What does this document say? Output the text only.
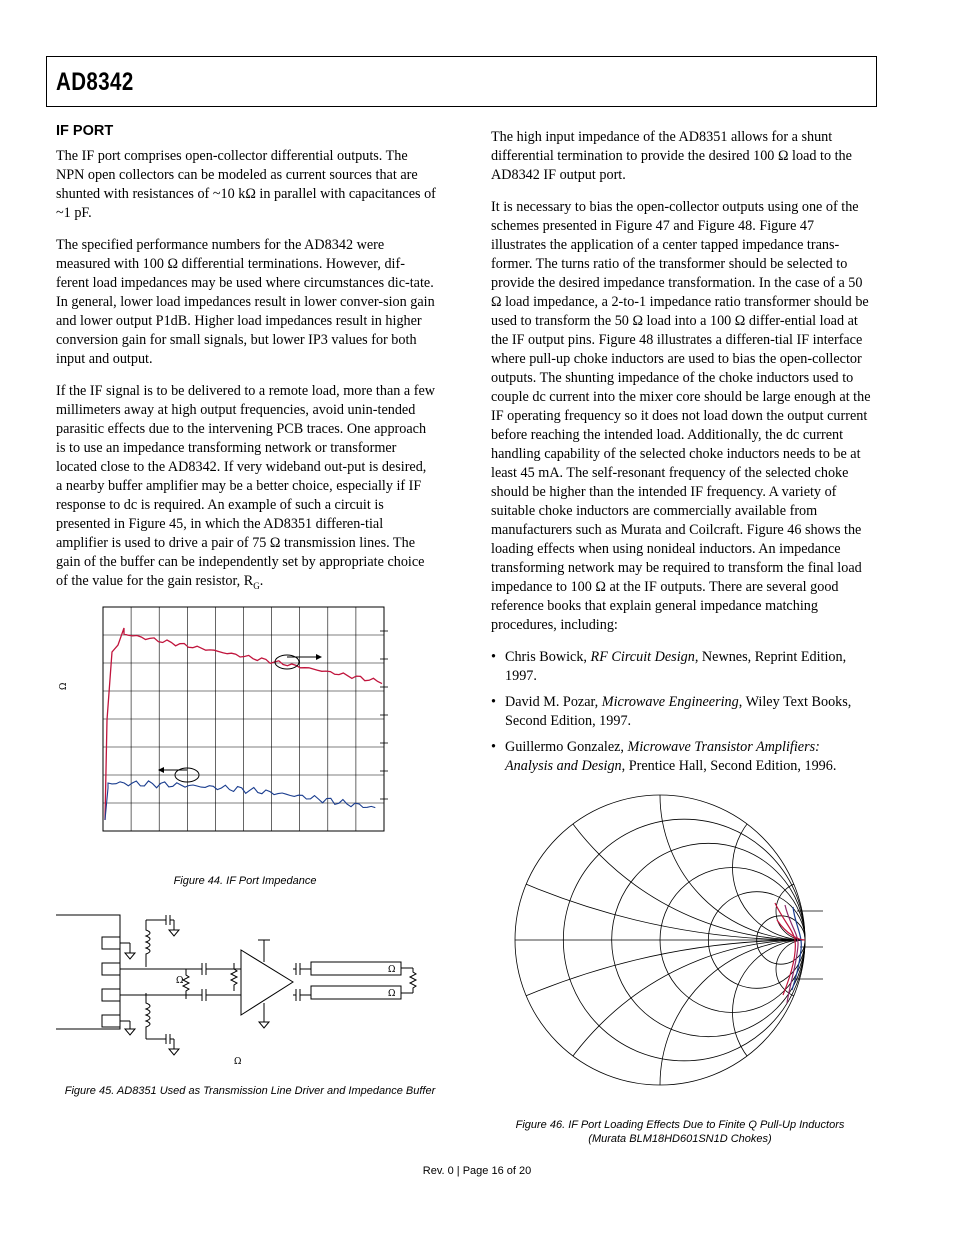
AD8342
IF PORT

The IF port comprises open-collector differential outputs. The NPN open collectors can be modeled as current sources that are shunted with resistances of ~10 kΩ in parallel with capacitances of ~1 pF.

The specified performance numbers for the AD8342 were measured with 100 Ω differential terminations. However, dif-ferent load impedances may be used where circumstances dic-tate. In general, lower load impedances result in lower conver-sion gain and lower output P1dB. Higher load impedances result in higher conversion gain for small signals, but lower IP3 values for both input and output.

If the IF signal is to be delivered to a remote load, more than a few millimeters away at high output frequencies, avoid unin-tended parasitic effects due to the intervening PCB traces. One approach is to use an impedance transforming network or transformer located close to the AD8342. If very wideband out-put is desired, a nearby buffer amplifier may be a better choice, especially if IF response to dc is required. An example of such a circuit is presented in Figure 45, in which the AD8351 differen-tial amplifier is used to drive a pair of 75 Ω transmission lines. The gain of the buffer can be independently set by appropriate choice of the value for the gain resistor, $R_G$.

The high input impedance of the AD8351 allows for a shunt differential termination to provide the desired 100 Ω load to the AD8342 IF output port.

It is necessary to bias the open-collector outputs using one of the schemes presented in Figure 47 and Figure 48. Figure 47 illustrates the application of a center tapped impedance trans-former. The turns ratio of the transformer should be selected to provide the desired impedance transformation. In the case of a 50 Ω load impedance, a 2-to-1 impedance ratio transformer should be used to transform the 50 Ω load into a 100 Ω differ-ential load at the IF output pins. Figure 48 illustrates a differen-tial IF interface where pull-up choke inductors are used to bias the open-collector outputs. The shunting impedance of the choke inductors used to couple dc current into the mixer core should be large enough at the IF operating frequency so it does not load down the output current before reaching the intended load. Additionally, the dc current handling capability of the selected choke inductors needs to be at least 45 mA. The self-resonant frequency of the selected choke should be higher than the intended IF frequency. A variety of suitable choke inductors are commercially available from manufacturers such as Murata and Coilcraft. Figure 46 shows the loading effects when using nonideal inductors. An impedance transforming network may be required to transform the final load impedance to 100 Ω at the IF outputs. There are several good reference books that explain general impedance matching procedures, including:

• Chris Bowick, RF Circuit Design, Newnes, Reprint Edition, 1997.
• David M. Pozar, Microwave Engineering, Wiley Text Books, Second Edition, 1997.
• Guillermo Gonzalez, Microwave Transistor Amplifiers: Analysis and Design, Prentice Hall, Second Edition, 1996.
Ω
Figure 44. IF Port Impedance
Ω
Ω
Ω
Ω
Figure 45. AD8351 Used as Transmission Line Driver and Impedance Buffer
Figure 46. IF Port Loading Effects Due to Finite Q Pull-Up Inductors
(Murata BLM18HD601SN1D Chokes)
Rev. 0 | Page 16 of 20
